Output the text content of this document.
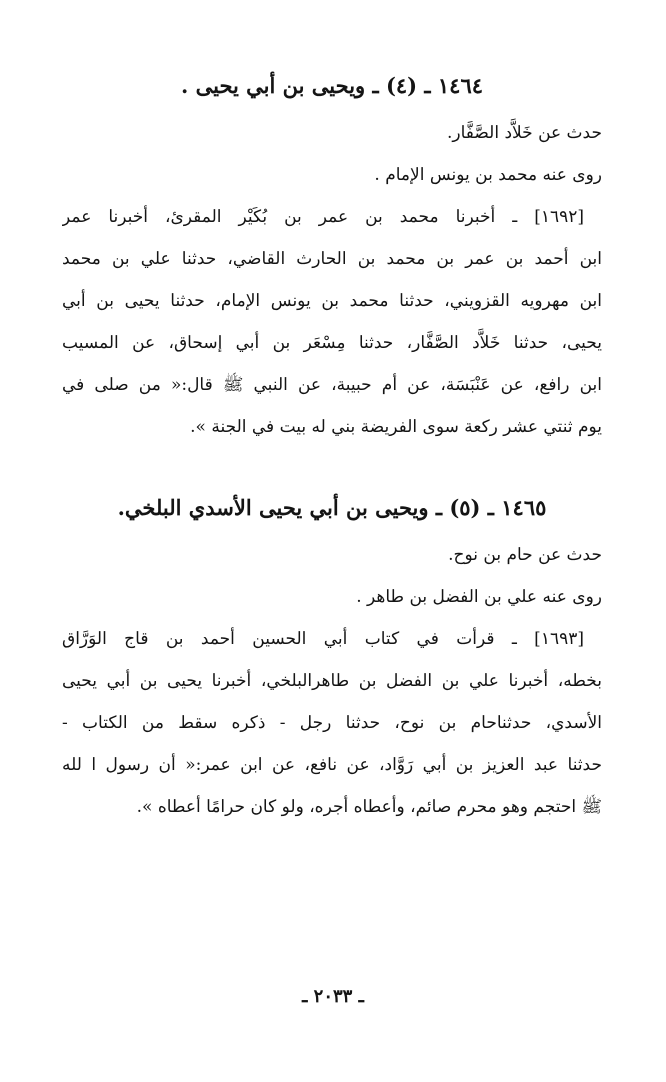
١٤٦٤ ـ (٤) ـ ويحيى بن أبي يحيى .
حدث عن خَلاَّد الصَّفَّار.
روى عنه محمد بن يونس الإمام .
[١٦٩٢] ـ أخبرنا محمد بن عمر بن بُكَيْر المقرئ، أخبرنا عمر
ابن أحمد بن عمر بن محمد بن الحارث القاضي، حدثنا علي بن محمد
ابن مهرويه القزويني، حدثنا محمد بن يونس الإمام، حدثنا يحيى بن أبي
يحيى، حدثنا خَلاَّد الصَّفَّار، حدثنا مِسْعَر بن أبي إسحاق، عن المسيب
ابن رافع، عن عَنْبَسَة، عن أم حبيبة، عن النبي ﷺ قال:« من صلى في
يوم ثنتي عشر ركعة سوى الفريضة بني له بيت في الجنة ».
١٤٦٥ ـ (٥) ـ ويحيى بن أبي يحيى الأسدي البلخي.
حدث عن حام بن نوح.
روى عنه علي بن الفضل بن طاهر .
[١٦٩٣] ـ قرأت في كتاب أبي الحسين أحمد بن قاج الوَرَّاق
بخطه، أخبرنا علي بن الفضل بن طاهرالبلخي، أخبرنا يحيى بن أبي يحيى
الأسدي، حدثناحام بن نوح، حدثنا رجل - ذكره سقط من الكتاب -
حدثنا عبد العزيز بن أبي رَوَّاد، عن نافع، عن ابن عمر:« أن رسول ا لله
ﷺ احتجم وهو محرم صائم، وأعطاه أجره، ولو كان حرامًا أعطاه ».
ـ ٢٠٣٣ ـ
